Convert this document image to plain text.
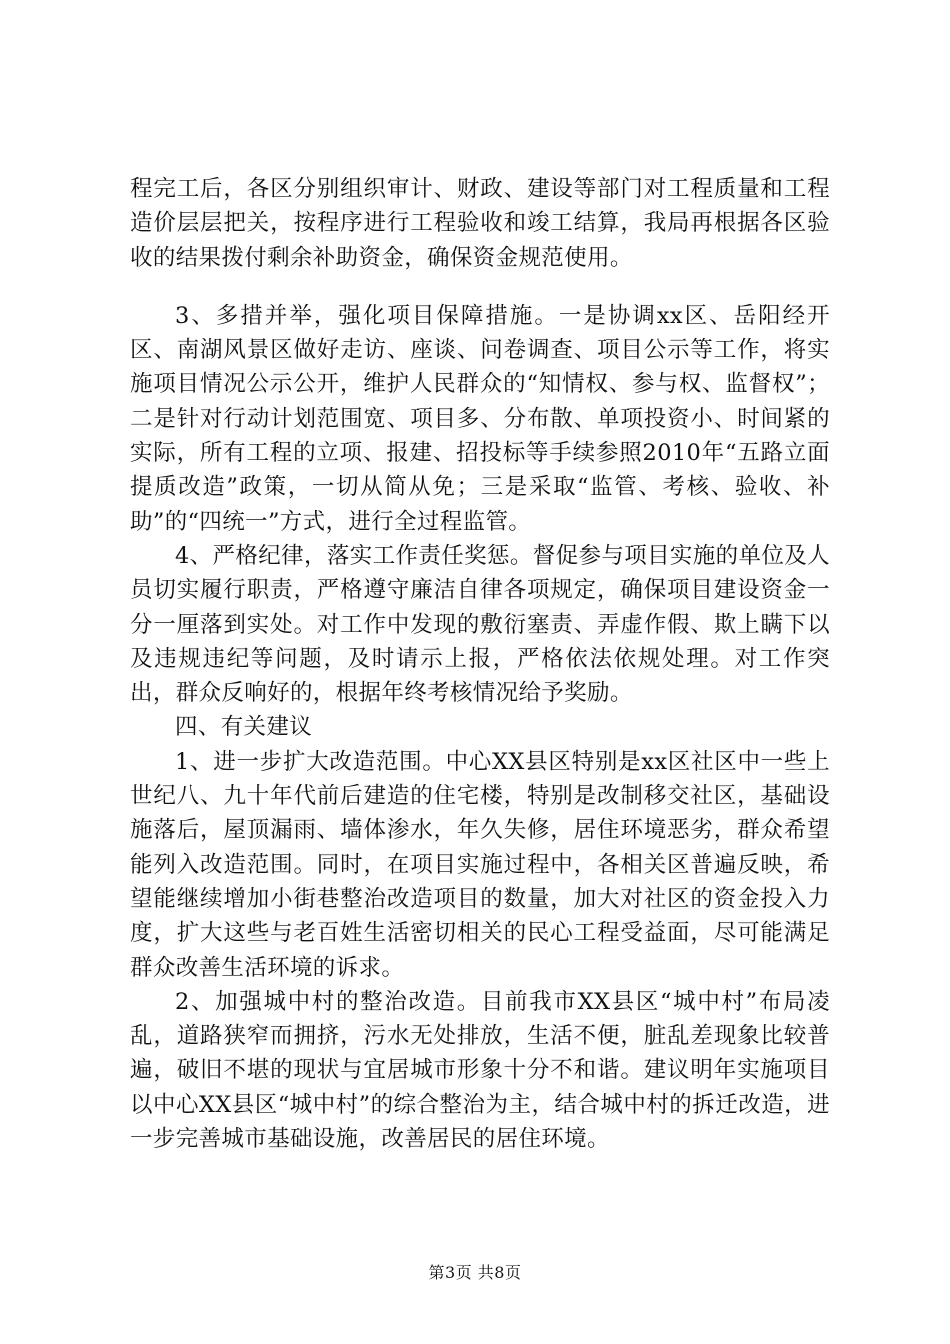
程完工后，各区分别组织审计、财政、建设等部门对工程质量和工程造价层层把关，按程序进行工程验收和竣工结算，我局再根据各区验收的结果拨付剩余补助资金，确保资金规范使用。

3、多措并举，强化项目保障措施。一是协调xx区、岳阳经开区、南湖风景区做好走访、座谈、问卷调查、项目公示等工作，将实施项目情况公示公开，维护人民群众的“知情权、参与权、监督权”；二是针对行动计划范围宽、项目多、分布散、单项投资小、时间紧的实际，所有工程的立项、报建、招投标等手续参照2010年“五路立面提质改造”政策，一切从简从免；三是采取“监管、考核、验收、补助”的“四统一”方式，进行全过程监管。

4、严格纪律，落实工作责任奖惩。督促参与项目实施的单位及人员切实履行职责，严格遵守廉洁自律各项规定，确保项目建设资金一分一厘落到实处。对工作中发现的敷衍塞责、弄虚作假、欺上瞒下以及违规违纪等问题，及时请示上报，严格依法依规处理。对工作突出，群众反响好的，根据年终考核情况给予奖励。

四、有关建议

1、进一步扩大改造范围。中心XX县区特别是xx区社区中一些上世纪八、九十年代前后建造的住宅楼，特别是改制移交社区，基础设施落后，屋顶漏雨、墙体渗水，年久失修，居住环境恶劣，群众希望能列入改造范围。同时，在项目实施过程中，各相关区普遍反映，希望能继续增加小街巷整治改造项目的数量，加大对社区的资金投入力度，扩大这些与老百姓生活密切相关的民心工程受益面，尽可能满足群众改善生活环境的诉求。

2、加强城中村的整治改造。目前我市XX县区“城中村”布局凌乱，道路狭窄而拥挤，污水无处排放，生活不便，脏乱差现象比较普遍，破旧不堪的现状与宜居城市形象十分不和谐。建议明年实施项目以中心XX县区“城中村”的综合整治为主，结合城中村的拆迁改造，进一步完善城市基础设施，改善居民的居住环境。

第3页 共8页
